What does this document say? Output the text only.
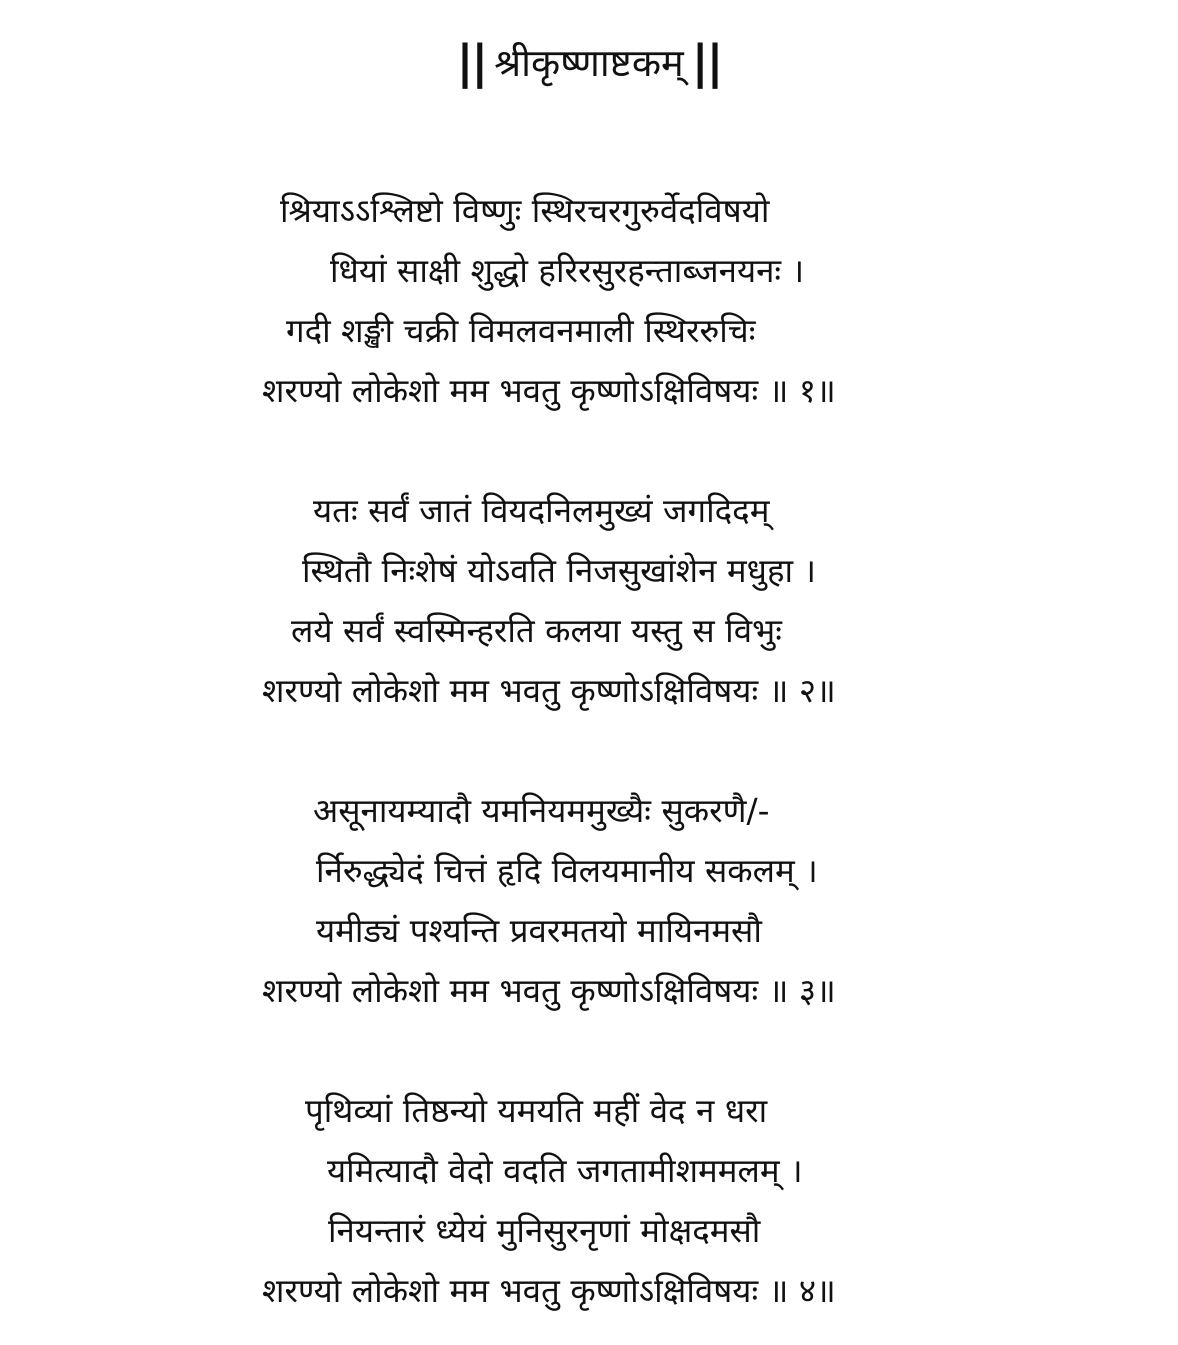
|| श्रीकृष्णाष्टकम् ||
श्रियाऽऽश्लिष्टो विष्णुः स्थिरचरगुरुर्वेदविषयो
धियां साक्षी शुद्धो हरिरसुरहन्ताब्जनयनः ।
गदी शङ्खी चक्री विमलवनमाली स्थिररुचिः
शरण्यो लोकेशो मम भवतु कृष्णोऽक्षिविषयः ॥ १॥
यतः सर्वं जातं वियदनिलमुख्यं जगदिदम्
स्थितौ निःशेषं योऽवति निजसुखांशेन मधुहा ।
लये सर्वं स्वस्मिन्हरति कलया यस्तु स विभुः
शरण्यो लोकेशो मम भवतु कृष्णोऽक्षिविषयः ॥ २॥
असूनायम्यादौ यमनियममुख्यैः सुकरणै/-
र्निरुद्ध्येदं चित्तं हृदि विलयमानीय सकलम् ।
यमीड्यं पश्यन्ति प्रवरमतयो मायिनमसौ
शरण्यो लोकेशो मम भवतु कृष्णोऽक्षिविषयः ॥ ३॥
पृथिव्यां तिष्ठन्यो यमयति महीं वेद न धरा
यमित्यादौ वेदो वदति जगतामीशममलम् ।
नियन्तारं ध्येयं मुनिसुरनृणां मोक्षदमसौ
शरण्यो लोकेशो मम भवतु कृष्णोऽक्षिविषयः ॥ ४॥
